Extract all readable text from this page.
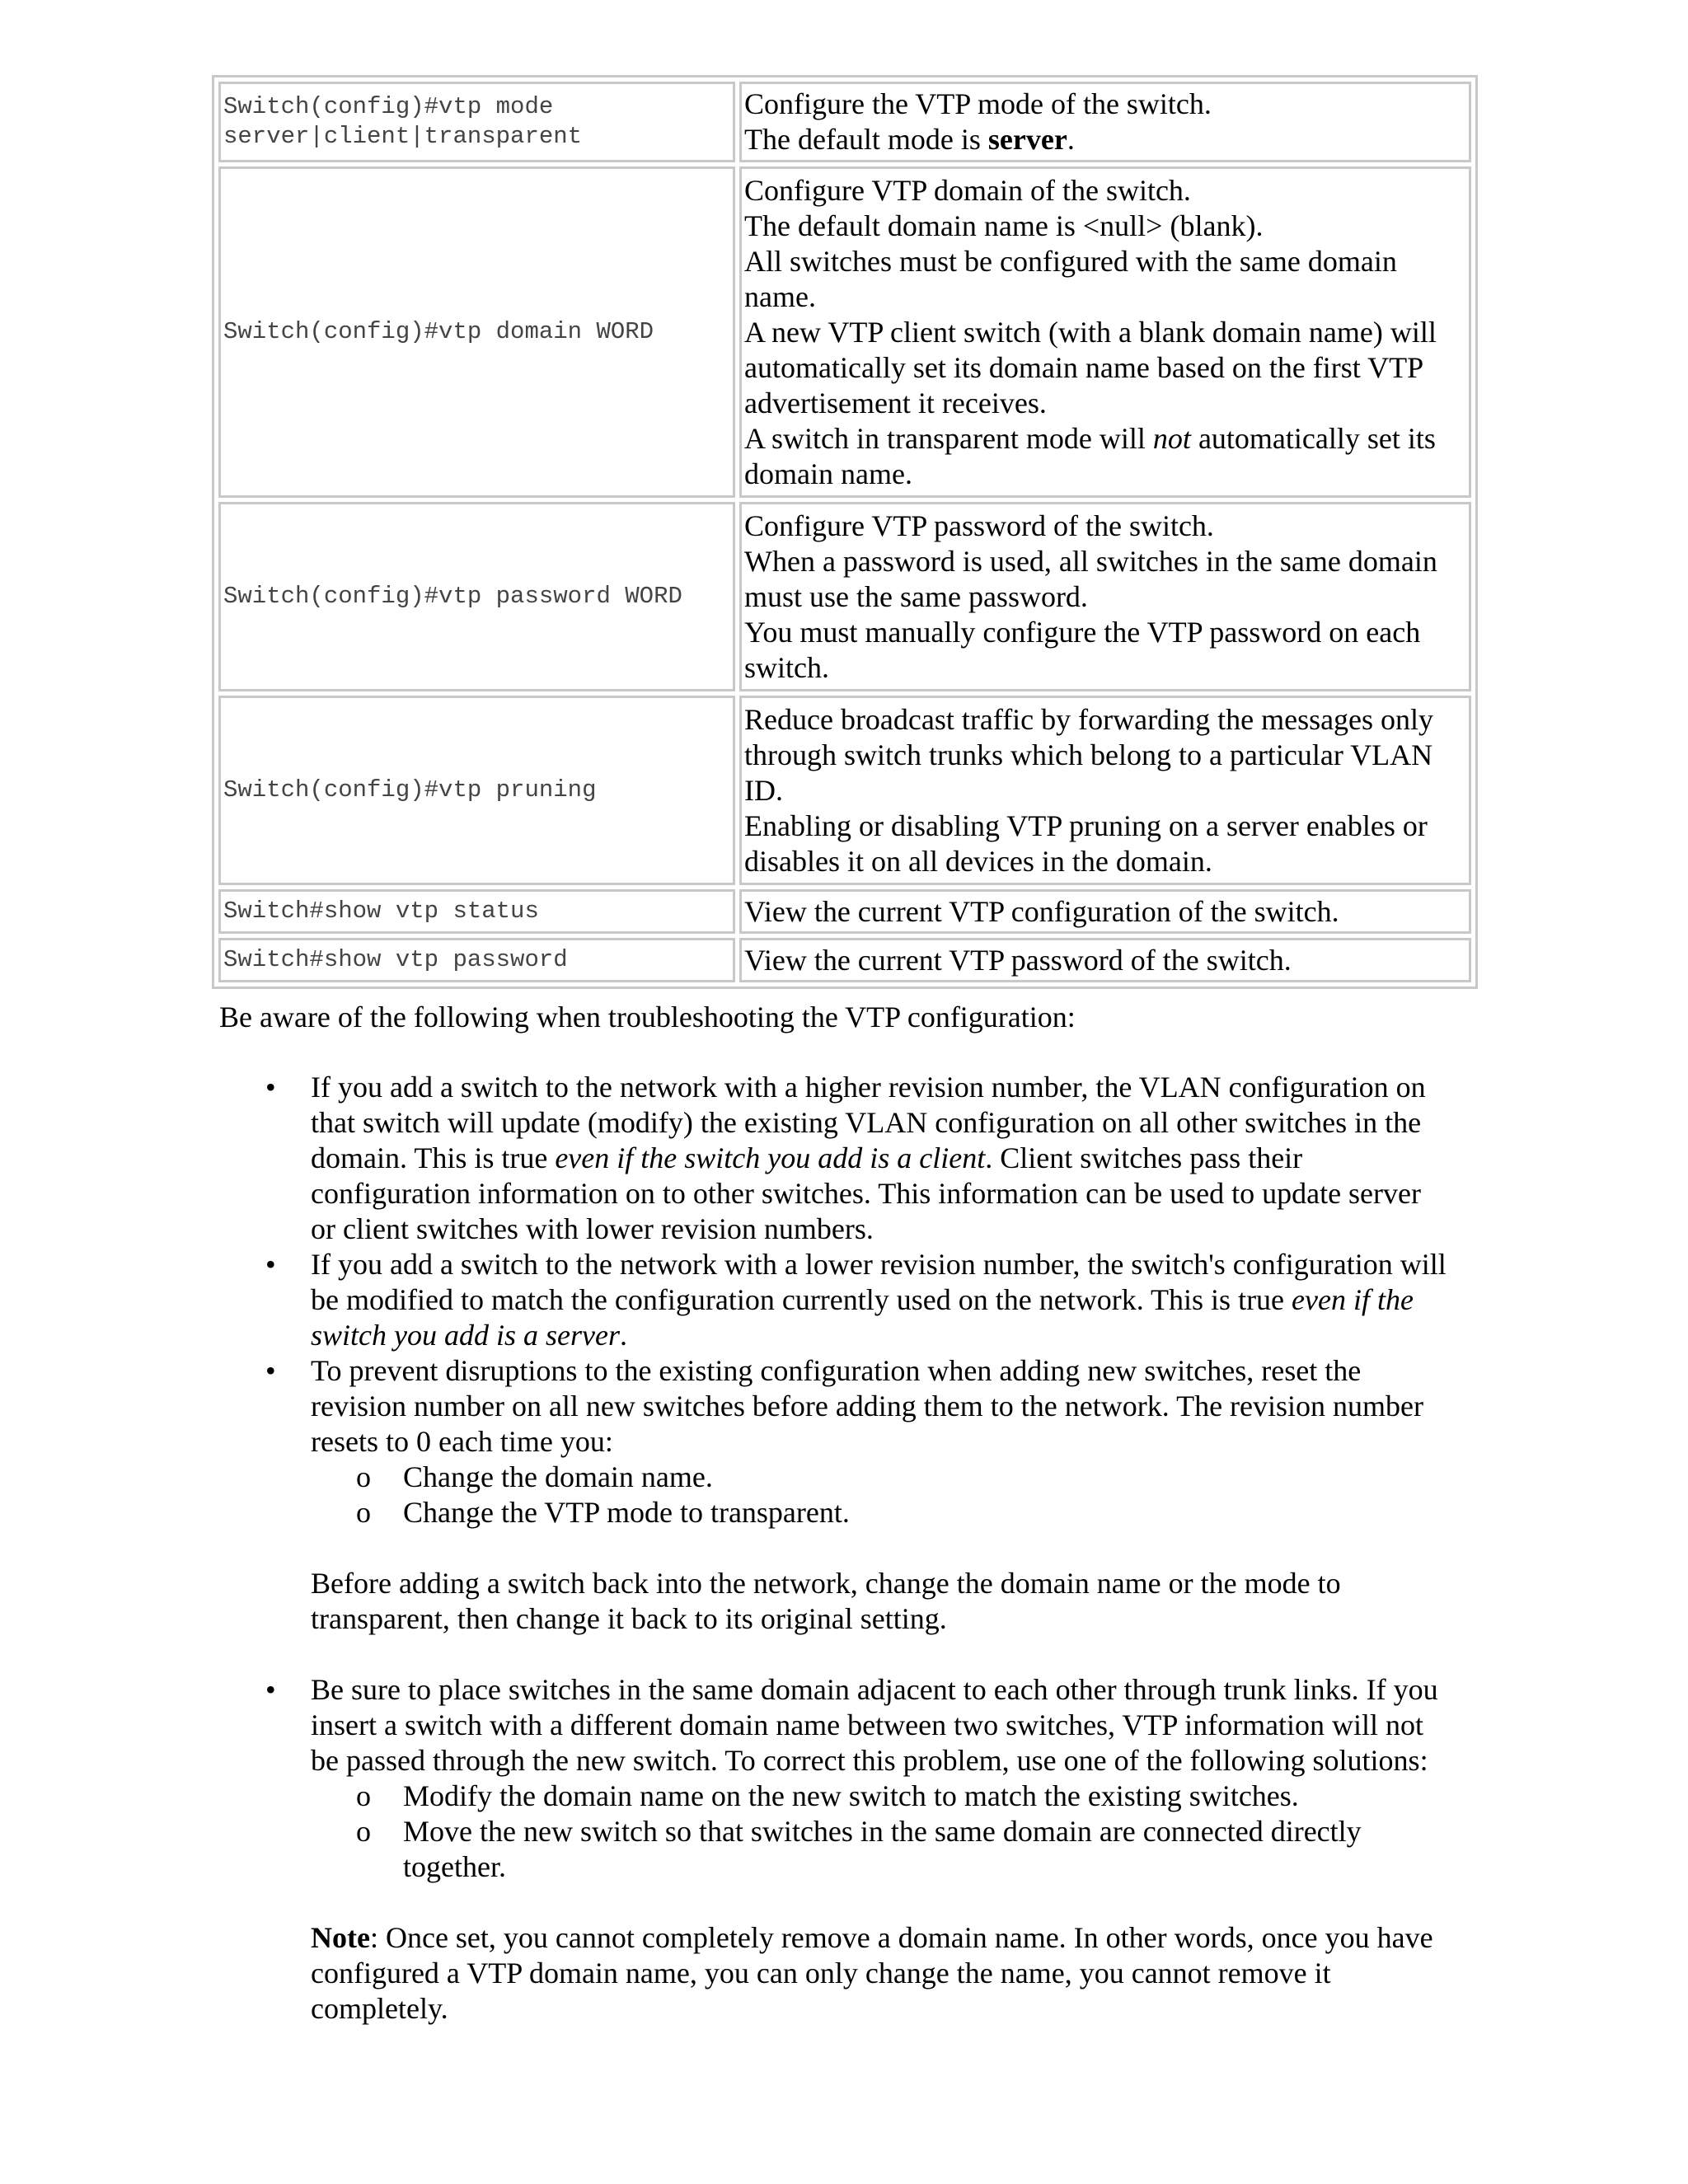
Switch(config)#vtp mode
server|client|transparent	Configure the VTP mode of the switch.
The default mode is server.

Switch(config)#vtp domain WORD	Configure VTP domain of the switch.
The default domain name is <null> (blank).
All switches must be configured with the same domain name.
A new VTP client switch (with a blank domain name) will automatically set its domain name based on the first VTP advertisement it receives.
A switch in transparent mode will not automatically set its domain name.

Switch(config)#vtp password WORD	Configure VTP password of the switch.
When a password is used, all switches in the same domain must use the same password.
You must manually configure the VTP password on each switch.

Switch(config)#vtp pruning	Reduce broadcast traffic by forwarding the messages only through switch trunks which belong to a particular VLAN ID.
Enabling or disabling VTP pruning on a server enables or disables it on all devices in the domain.

Switch#show vtp status	View the current VTP configuration of the switch.

Switch#show vtp password	View the current VTP password of the switch.

Be aware of the following when troubleshooting the VTP configuration:

• If you add a switch to the network with a higher revision number, the VLAN configuration on that switch will update (modify) the existing VLAN configuration on all other switches in the domain. This is true even if the switch you add is a client. Client switches pass their configuration information on to other switches. This information can be used to update server or client switches with lower revision numbers.

• If you add a switch to the network with a lower revision number, the switch's configuration will be modified to match the configuration currently used on the network. This is true even if the switch you add is a server.

• To prevent disruptions to the existing configuration when adding new switches, reset the revision number on all new switches before adding them to the network. The revision number resets to 0 each time you:

o Change the domain name.

o Change the VTP mode to transparent.

Before adding a switch back into the network, change the domain name or the mode to transparent, then change it back to its original setting.

• Be sure to place switches in the same domain adjacent to each other through trunk links. If you insert a switch with a different domain name between two switches, VTP information will not be passed through the new switch. To correct this problem, use one of the following solutions:

o Modify the domain name on the new switch to match the existing switches.

o Move the new switch so that switches in the same domain are connected directly together.

Note: Once set, you cannot completely remove a domain name. In other words, once you have configured a VTP domain name, you can only change the name, you cannot remove it completely.
